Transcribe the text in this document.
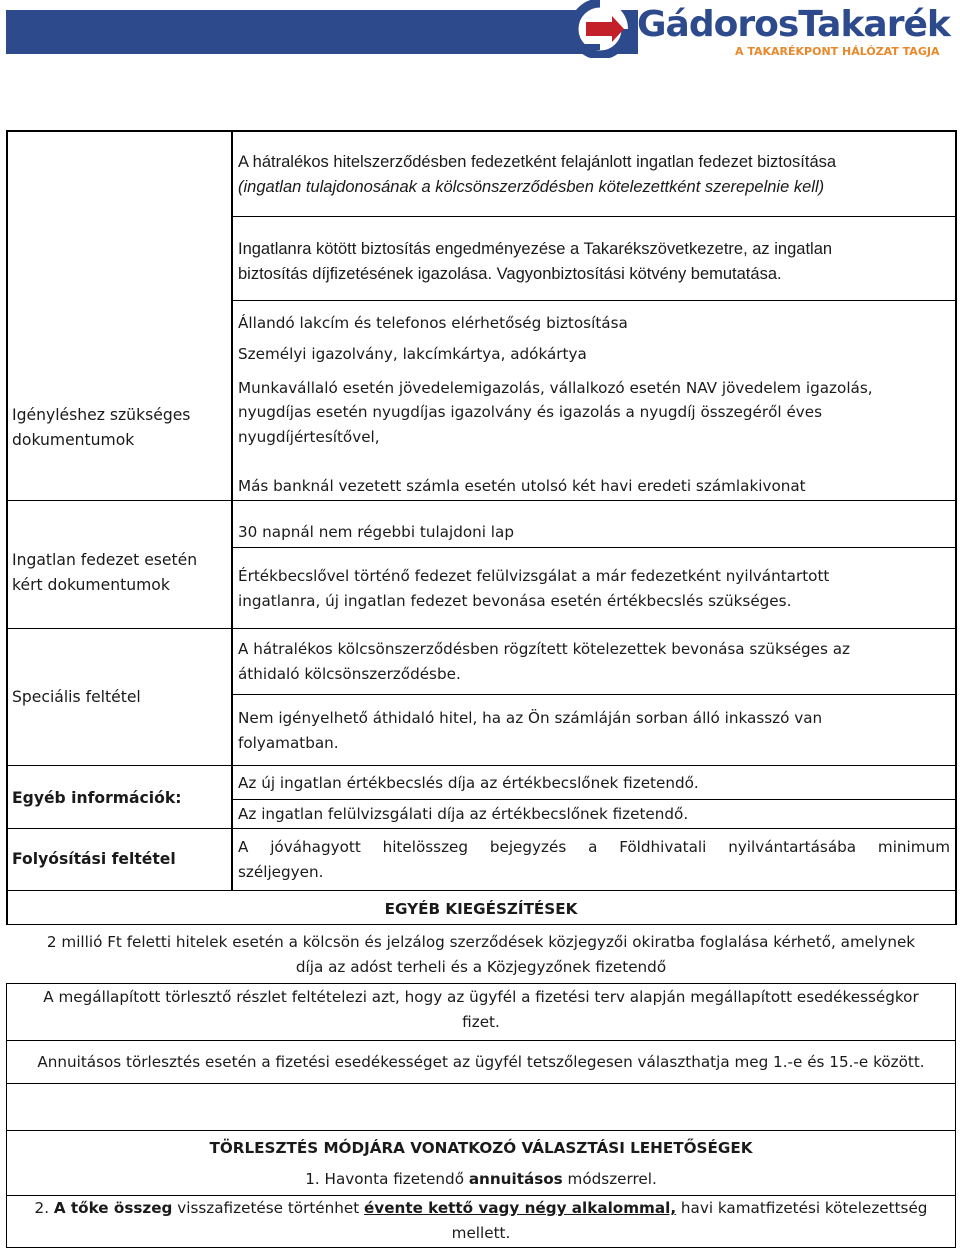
GádorosTakarék
A TAKARÉKPONT HÁLÓZAT TAGJA
A hátralékos hitelszerződésben fedezetként felajánlott ingatlan fedezet biztosítása
(ingatlan tulajdonosának a kölcsönszerződésben kötelezettként szerepelnie kell)
Ingatlanra kötött biztosítás engedményezése a Takarékszövetkezetre, az ingatlan
biztosítás díjfizetésének igazolása. Vagyonbiztosítási kötvény bemutatása.
Igényléshez szükséges
dokumentumok
Állandó lakcím és telefonos elérhetőség biztosítása
Személyi igazolvány, lakcímkártya, adókártya
Munkavállaló esetén jövedelemigazolás, vállalkozó esetén NAV jövedelem igazolás,
nyugdíjas esetén nyugdíjas igazolvány és igazolás a nyugdíj összegéről éves
nyugdíjértesítővel,
Más banknál vezetett számla esetén utolsó két havi eredeti számlakivonat
Ingatlan fedezet esetén
kért dokumentumok
30 napnál nem régebbi tulajdoni lap
Értékbecslővel történő fedezet felülvizsgálat a már fedezetként nyilvántartott
ingatlanra, új ingatlan fedezet bevonása esetén értékbecslés szükséges.
Speciális feltétel
A hátralékos kölcsönszerződésben rögzített kötelezettek bevonása szükséges az
áthidaló kölcsönszerződésbe.
Nem igényelhető áthidaló hitel, ha az Ön számláján sorban álló inkasszó van
folyamatban.
Egyéb információk:
Az új ingatlan értékbecslés díja az értékbecslőnek fizetendő.
Az ingatlan felülvizsgálati díja az értékbecslőnek fizetendő.
Folyósítási feltétel
A jóváhagyott hitelösszeg bejegyzés a Földhivatali nyilvántartásába minimum
széljegyen.
EGYÉB KIEGÉSZÍTÉSEK
2 millió Ft feletti hitelek esetén a kölcsön és jelzálog szerződések közjegyzői okiratba foglalása kérhető, amelynek
díja az adóst terheli és a Közjegyzőnek fizetendő
A megállapított törlesztő részlet feltételezi azt, hogy az ügyfél a fizetési terv alapján megállapított esedékességkor
fizet.
Annuitásos törlesztés esetén a fizetési esedékességet az ügyfél tetszőlegesen választhatja meg 1.-e és 15.-e között.
TÖRLESZTÉS MÓDJÁRA VONATKOZÓ VÁLASZTÁSI LEHETŐSÉGEK
1. Havonta fizetendő annuitásos módszerrel.
2. A tőke összeg visszafizetése történhet évente kettő vagy négy alkalommal, havi kamatfizetési kötelezettség
mellett.
